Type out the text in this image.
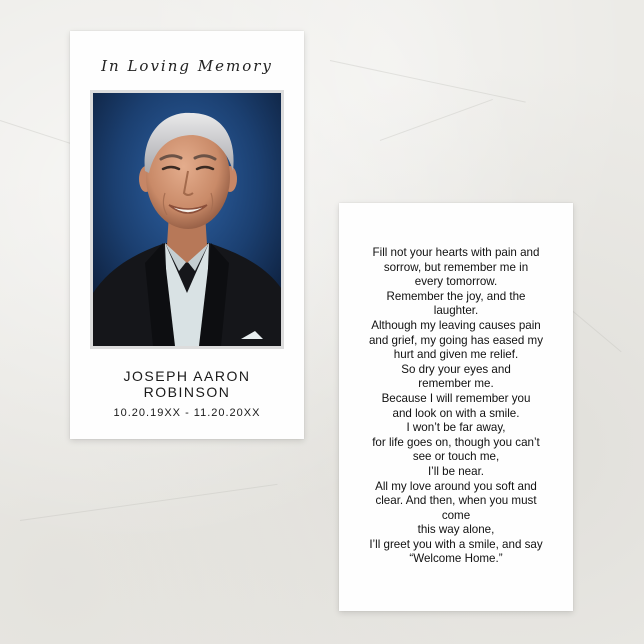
In Loving Memory
JOSEPH AARON
ROBINSON
10.20.19XX - 11.20.20XX
Fill not your hearts with pain and
sorrow, but remember me in
every tomorrow.
Remember the joy, and the
laughter.
Although my leaving causes pain
and grief, my going has eased my
hurt and given me relief.
So dry your eyes and
remember me.
Because I will remember you
and look on with a smile.
I won’t be far away,
for life goes on, though you can’t
see or touch me,
I’ll be near.
All my love around you soft and
clear. And then, when you must
come
this way alone,
I’ll greet you with a smile, and say
“Welcome Home.”
